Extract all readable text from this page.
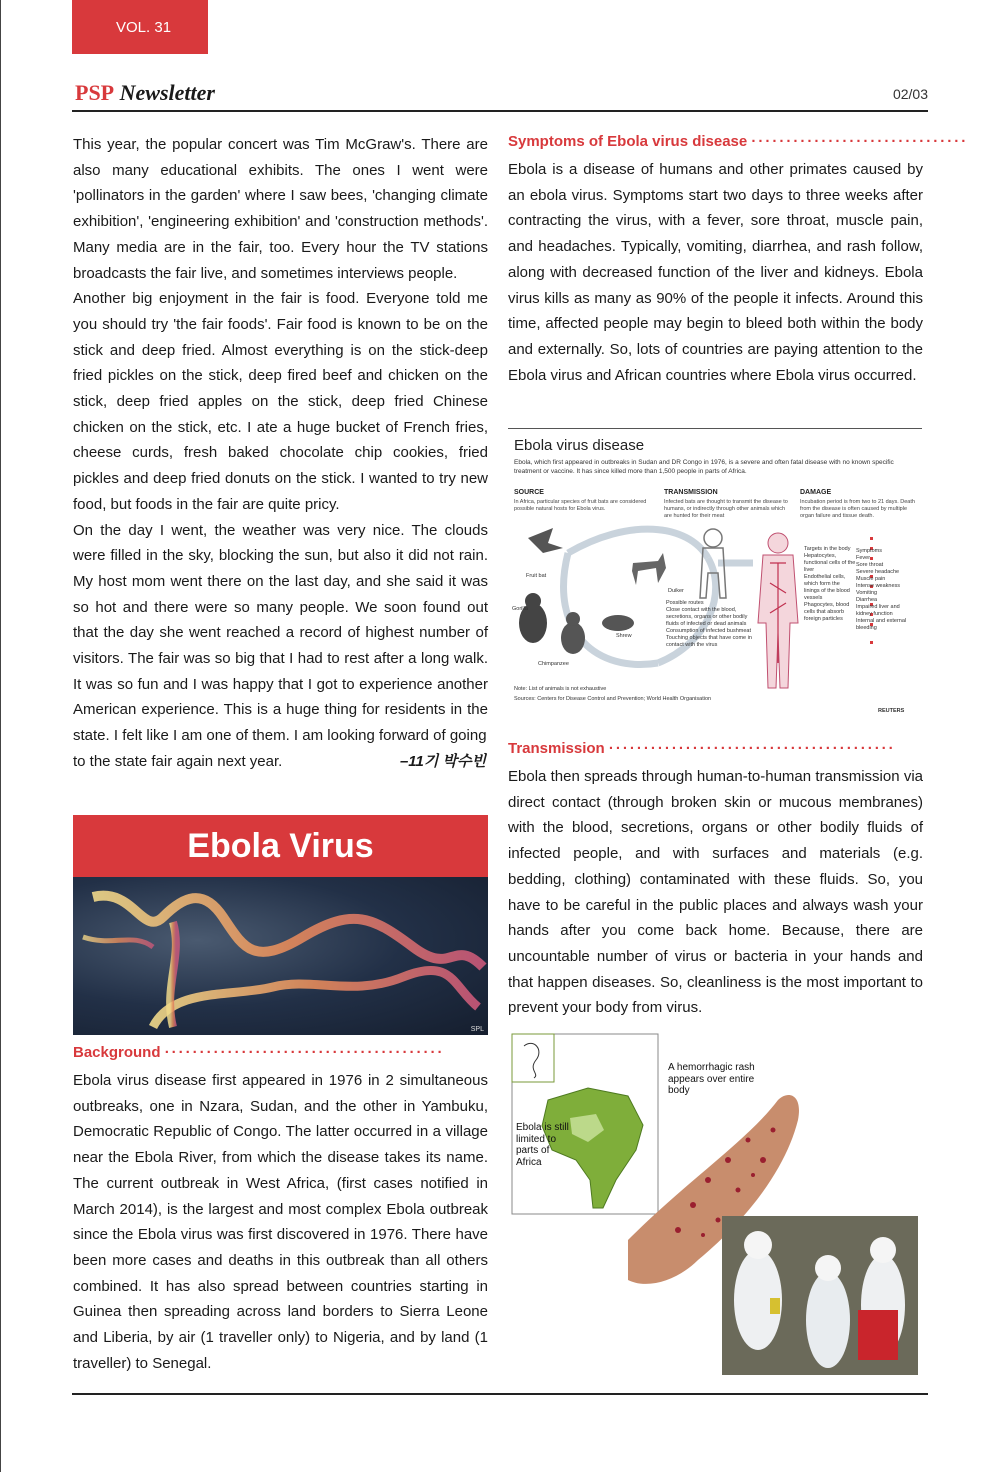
VOL. 31
PSP Newsletter	02/03

This year, the popular concert was Tim McGraw's. There are also many educational exhibits. The ones I went were 'pollinators in the garden' where I saw bees, 'changing climate exhibition', 'engineering exhibition' and 'construction methods'. Many media are in the fair, too. Every hour the TV stations broadcasts the fair live, and sometimes interviews people.

Another big enjoyment in the fair is food. Everyone told me you should try 'the fair foods'. Fair food is known to be on the stick and deep fried. Almost everything is on the stick-deep fried pickles on the stick, deep fired beef and chicken on the stick, deep fried apples on the stick, deep fried Chinese chicken on the stick, etc. I ate a huge bucket of French fries, cheese curds, fresh baked chocolate chip cookies, fried pickles and deep fried donuts on the stick. I wanted to try new food, but foods in the fair are quite pricy.

On the day I went, the weather was very nice. The clouds were filled in the sky, blocking the sun, but also it did not rain. My host mom went there on the last day, and she said it was so hot and there were so many people. We soon found out that the day she went reached a record of highest number of visitors. The fair was so big that I had to rest after a long walk. It was so fun and I was happy that I got to experience another American experience. This is a huge thing for residents in the state. I felt like I am one of them. I am looking forward of going

to the state fair again next year.	–11기 박수빈
Ebola Virus
SPL
Background ········································

Ebola virus disease first appeared in 1976 in 2 simultaneous outbreaks, one in Nzara, Sudan, and the other in Yambuku, Democratic Republic of Congo. The latter occurred in a village near the Ebola River, from which the disease takes its name. The current outbreak in West Africa, (first cases notified in March 2014), is the largest and most complex Ebola outbreak since the Ebola virus was first discovered in 1976. There have been more cases and deaths in this outbreak than all others combined. It has also spread between countries starting in Guinea then spreading across land borders to Sierra Leone and Liberia, by air (1 traveller only) to Nigeria, and by land (1 traveller) to Senegal.

Symptoms of Ebola virus disease ·······························

Ebola is a disease of humans and other primates caused by an ebola virus. Symptoms start two days to three weeks after contracting the virus, with a fever, sore throat, muscle pain, and headaches. Typically, vomiting, diarrhea, and rash follow, along with decreased function of the liver and kidneys. Ebola virus kills as many as 90% of the people it infects. Around this time, affected people may begin to bleed both within the body and externally. So, lots of countries are paying attention to the Ebola virus and African countries where Ebola virus occurred.

Ebola virus disease
Ebola, which first appeared in outbreaks in Sudan and DR Congo in 1976, is a severe and often fatal disease with no known specific treatment or vaccine. It has since killed more than 1,500 people in parts of Africa.
SOURCE
In Africa, particular species of fruit bats are considered possible natural hosts for Ebola virus.
TRANSMISSION
Infected bats are thought to transmit the disease to humans, or indirectly through other animals which are hunted for their meat
DAMAGE
Incubation period is from two to 21 days. Death from the disease is often caused by multiple organ failure and tissue death.
Fruit bat
Gorilla
Chimpanzee
Duiker
Shrew
Possible routes
Close contact with the blood, secretions, organs or other bodily fluids of infected or dead animals
Consumption of infected bushmeat
Touching objects that have come in contact with the virus
Targets in the body
Hepatocytes, functional cells of the liver
Endothelial cells, which form the linings of the blood vessels
Phagocytes, blood cells that absorb foreign particles
Symptoms
Fever
Sore throat
Severe headache
Muscle pain
Intense weakness
Vomiting
Diarrhea
Impaired liver and kidney function
Internal and external bleeding
Note: List of animals is not exhaustive
Sources: Centers for Disease Control and Prevention; World Health Organisation
REUTERS
Transmission ·········································

Ebola then spreads through human-to-human transmission via direct contact (through broken skin or mucous membranes) with the blood, secretions, organs or other bodily fluids of infected people, and with surfaces and materials (e.g. bedding, clothing) contaminated with these fluids. So, you have to be careful in the public places and always wash your hands after you come back home. Because, there are uncountable number of virus or bacteria in your hands and that happen diseases. So, cleanliness is the most important to prevent your body from virus.

Ebola is still limited to parts of Africa
A hemorrhagic rash appears over entire body
